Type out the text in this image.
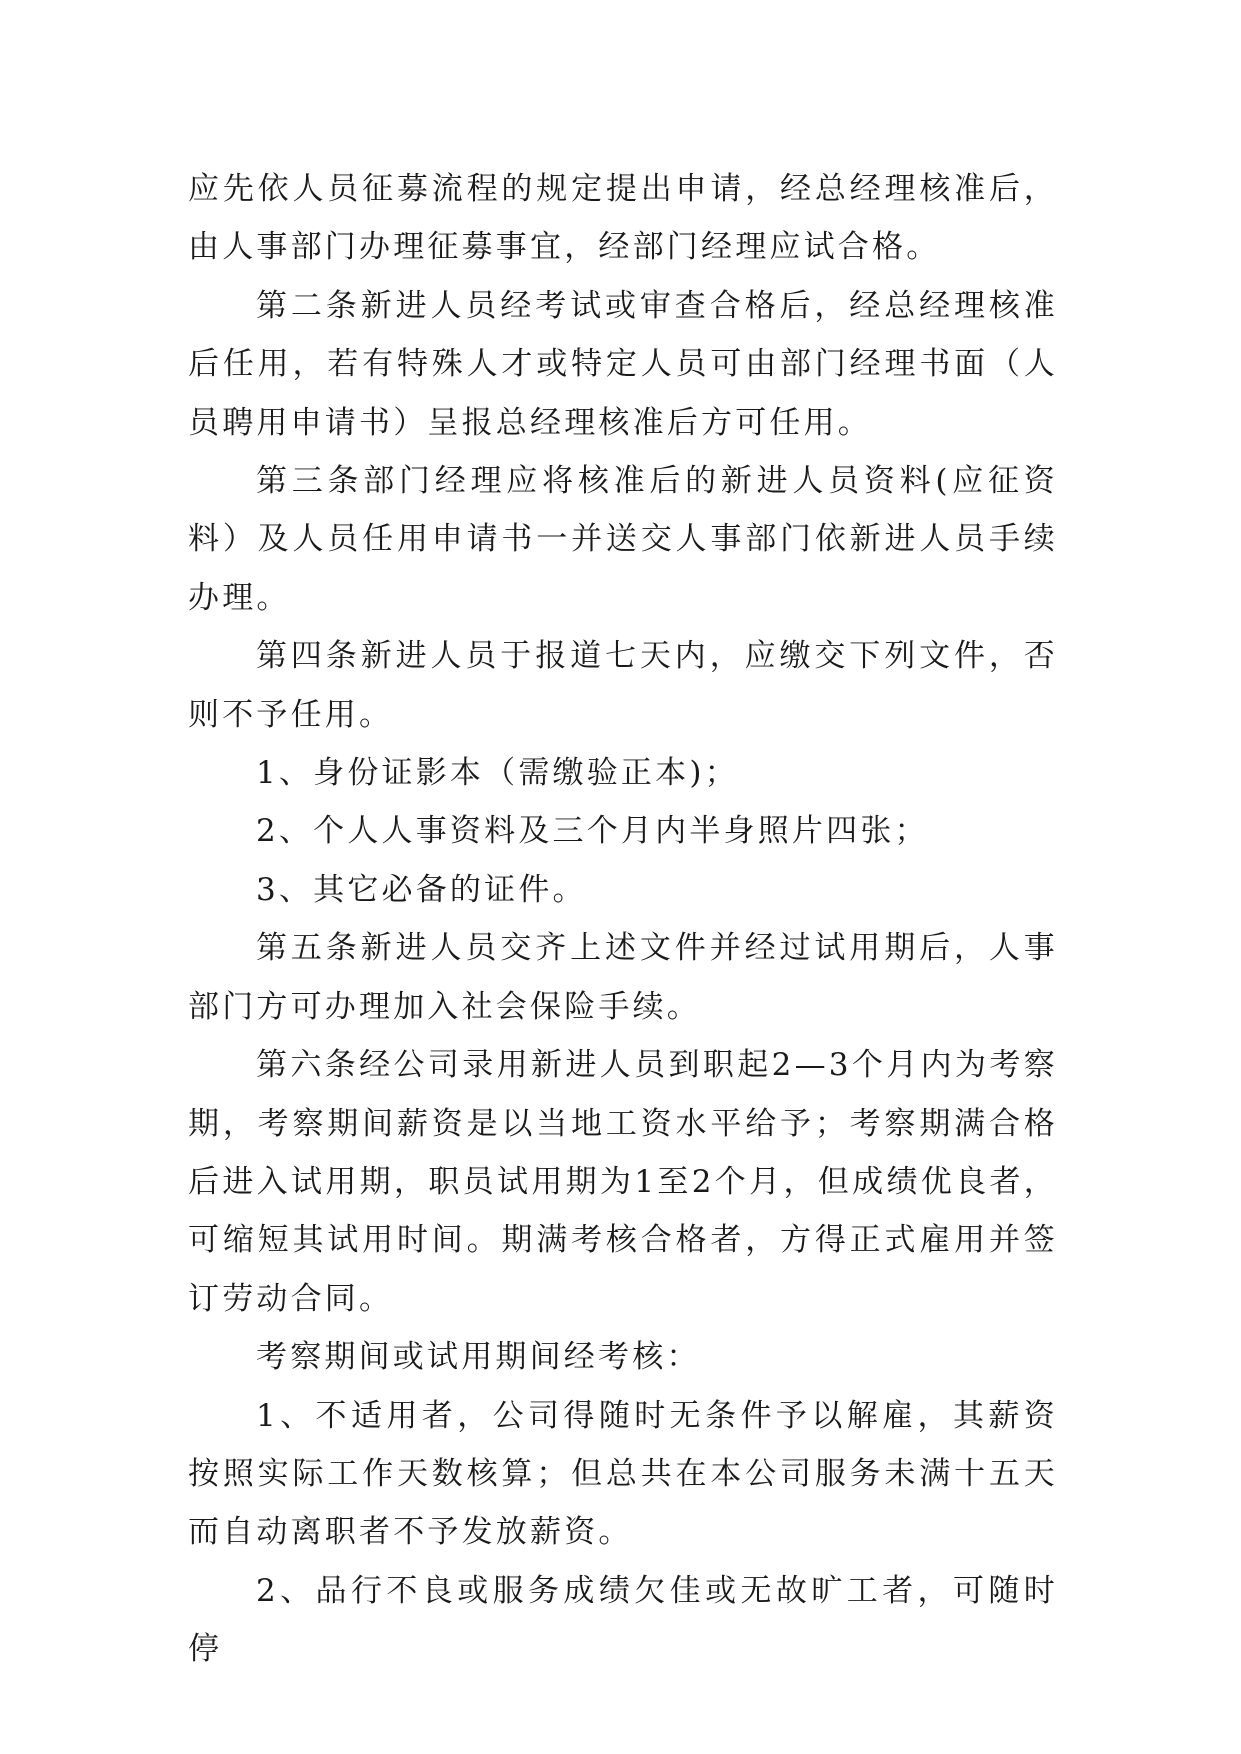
应先依人员征募流程的规定提出申请，经总经理核准后，由人事部门办理征募事宜，经部门经理应试合格。

第二条新进人员经考试或审查合格后，经总经理核准后任用，若有特殊人才或特定人员可由部门经理书面（人员聘用申请书）呈报总经理核准后方可任用。

第三条部门经理应将核准后的新进人员资料(应征资料）及人员任用申请书一并送交人事部门依新进人员手续办理。

第四条新进人员于报道七天内，应缴交下列文件，否则不予任用。

1、身份证影本（需缴验正本)；

2、个人人事资料及三个月内半身照片四张；

3、其它必备的证件。

第五条新进人员交齐上述文件并经过试用期后，人事部门方可办理加入社会保险手续。

第六条经公司录用新进人员到职起2—3个月内为考察期，考察期间薪资是以当地工资水平给予；考察期满合格后进入试用期，职员试用期为1至2个月，但成绩优良者，可缩短其试用时间。期满考核合格者，方得正式雇用并签订劳动合同。

考察期间或试用期间经考核：

1、不适用者，公司得随时无条件予以解雇，其薪资按照实际工作天数核算；但总共在本公司服务未满十五天而自动离职者不予发放薪资。

2、品行不良或服务成绩欠佳或无故旷工者，可随时停
